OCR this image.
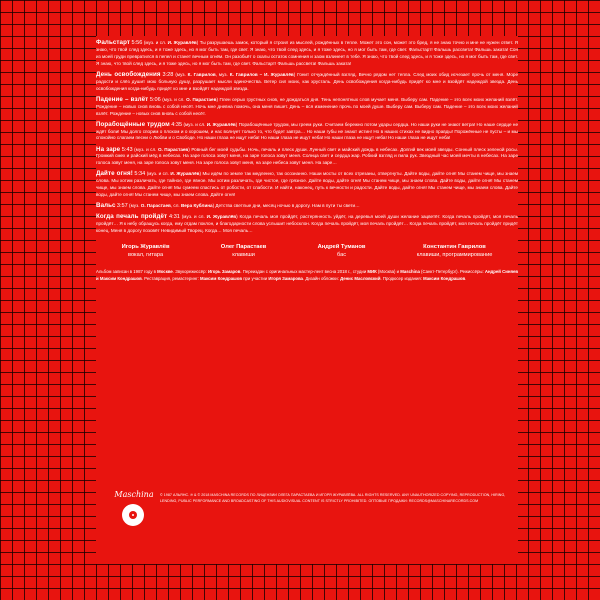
Фальстарт 5:56 (муз. и сл. И. Журавлёв) Ты разрушаешь замок, который я строил из мыслей, рождённых в тепле. Может это сон, может это бред, я не знаю точно и мне не нужен ответ. Я знаю, что твой след здесь, и я тоже здесь, но я мог быть там, где свет. Я знаю, что твой след здесь, и я тоже здесь, но я мог быть там, где свет. Фальстарт! Фальшь рассвета! Фальшь заката! Сон из моей груди превратился в пепел и станет вечным огнём. Он разобьёт о скалы остаток сомнения и заом взлинеет в тебе. Я знаю, что твой след здесь, и я тоже здесь, но я мог быть там, где свет. Я знаю, что твой след здесь, и я тоже здесь, но я мог быть там, где свет. Фальстарт! Фальшь рассвета! Фальшь заката!
День освобождения 3:28 (муз. К. Гаврилов, муз. К. Гаврилов – И. Журавлёв) Гонит отчуждённый взгляд. Вечно рядом нет тепла. След моих обид исчезает прочь от меня. Море радости и слёз душит мою больную душу, разрушает мысли одиночества. Ветер сил моих, как хрусталь. День освобождения когда-нибудь придёт ко мне и взойдёт надеждой звезда. День освобождения когда-нибудь придёт ко мне и взойдёт надеждой звезда.
Падение – взлёт 5:06 (муз. и сл. О. Парастаев) Плен серых грустных снов, не дождаться дня. Тень непонятных слов мучает меня. Выберу сам. Падение – это всех моих желаний взлёт. Рождение – новых снов вновь с собой несёт. Ночь мне дневна помочь, она меня пишет. День – вся изменение прочь по моей душе. Выберу сам. Выберу сам. Падение – это всех моих желаний взлёт. Рождение – новых снов вновь с собой несёт.
Порабощённые трудом 4:35 (муз. и сл. И. Журавлёв) Порабощённые трудом, мы греем руки. Считаем бережно потом удары сердца. Но наши руки не знают ветра! Но наше сердце не ждёт боли! Мы долго спорим о плохом и о хорошем, и нас волнует только то, что будет завтра… Но наши губы не знают истин! Но в наших стихах не видно правды! Порожённые не пусты – и мы спокойно слагаем песни о Любви и о Свободе. Но наши глаза не ищут неба! Но наши глаза не ищут неба! Но наши глаза не ищут неба! Но наши глаза не ищут неба!
На заре 5:43 (муз. и сл. О. Парастаев) Ровный бег моей судьбы. Ночь, печаль и плеск души. Лунный свет и майский дождь в небесах. Долгий век моей звезды. Сонный плеск зеленой росы. Громкий смех и райский мёд в небесах. На заре голоса зовут меня, на заре голоса зовут меня. Солнца свет и сердца жар. Робкий взгляд и пила рук. Звездный час моей мечты в небесах. На заре голоса зовут меня, на заре голоса зовут меня. На заре голоса зовут меня, на заре небеса зовут меня. На заре…
Дайте огня! 5:34 (муз. и сл. И. Журавлёв) Мы идём по земле так медленно, так осознанно. Наши мосты от всех отрезаны, отвергнуты. Дайте воды, дайте огня! Мы станем чище, мы знаем слова. Мы хотим различать, где тайное, где явное. Мы хотим различать, где чистое, где грязное. Дайте воды, дайте огня! Мы станем чище, мы знаем слова. Дайте воды, дайте огня! Мы станем чище, мы знаем слова. Дайте огня! Мы сумеем спастись от робости, от слабости. И найти, наконец, путь к вечности и радости. Дайте воды, дайте огня! Мы станем чище, мы знаем слова. Дайте воды, дайте огня! Мы станем чище, мы знаем слова. Дайте огня!
Вальс 3:57 (муз. О. Парастаев, сл. Вера Кублина) Детства светлые дни, месяц ночью в дорогу. Нам в пути ты свети…
Когда печаль пройдёт 4:31 (муз. и сл. И. Журавлёв) Когда печаль моя пройдёт, растерянность уйдёт, на деревья моей души желание зацветёт. Когда печаль пройдёт, моя печаль пройдёт… Я к небу обращусь когда, ему отдам поклон, и благодарности слова услышит небосклон. Когда печаль пройдёт, моя печаль пройдёт… Когда печаль пройдёт, моя печаль пройдёт придёт конец. Меня в дорогу позовёт Невидимый Творец. Когда… Моя печаль…
Игорь Журавлёв
вокал, гитара
Олег Парастаев
клавиши
Андрей Туманов
бас
Константин Гаврилов
клавиши, программирование
Альбом записан в 1987 году в Москве. Звукорежиссёр: Игорь Замаров. Переиздан с оригинальных мастер-лент весна 2018 г., студии МИК (Москва) и Maschina (Санкт-Петербург). Режиссёры: Андрей Синяев и Максим Кондрашов. Реставрация, ремастеринг: Максим Кондрашов при участии Игоря Замарова. Дизайн обложки: Денис Масловский. Продюсер издания: Максим Кондрашов.
Maschina	© 1987 АЛЬЯНС. ℗ & © 2018 MASCHINA RECORDS ПО ЛИЦЕНЗИИ ОЛЕГА ПАРАСТАЕВА И ИГОРЯ ЖУРАВЛЁВА. ALL RIGHTS RESERVED. ANY UNAUTHORIZED COPYING, REPRODUCTION, HIRING, LENDING, PUBLIC PERFORMANCE AND BROADCASTING OF THIS AUDIOVISUAL CONTENT IS STRICTLY PROHIBITED. ОПТОВЫЕ ПРОДАЖИ: RECORDS@MASCHINARECORDS.COM
